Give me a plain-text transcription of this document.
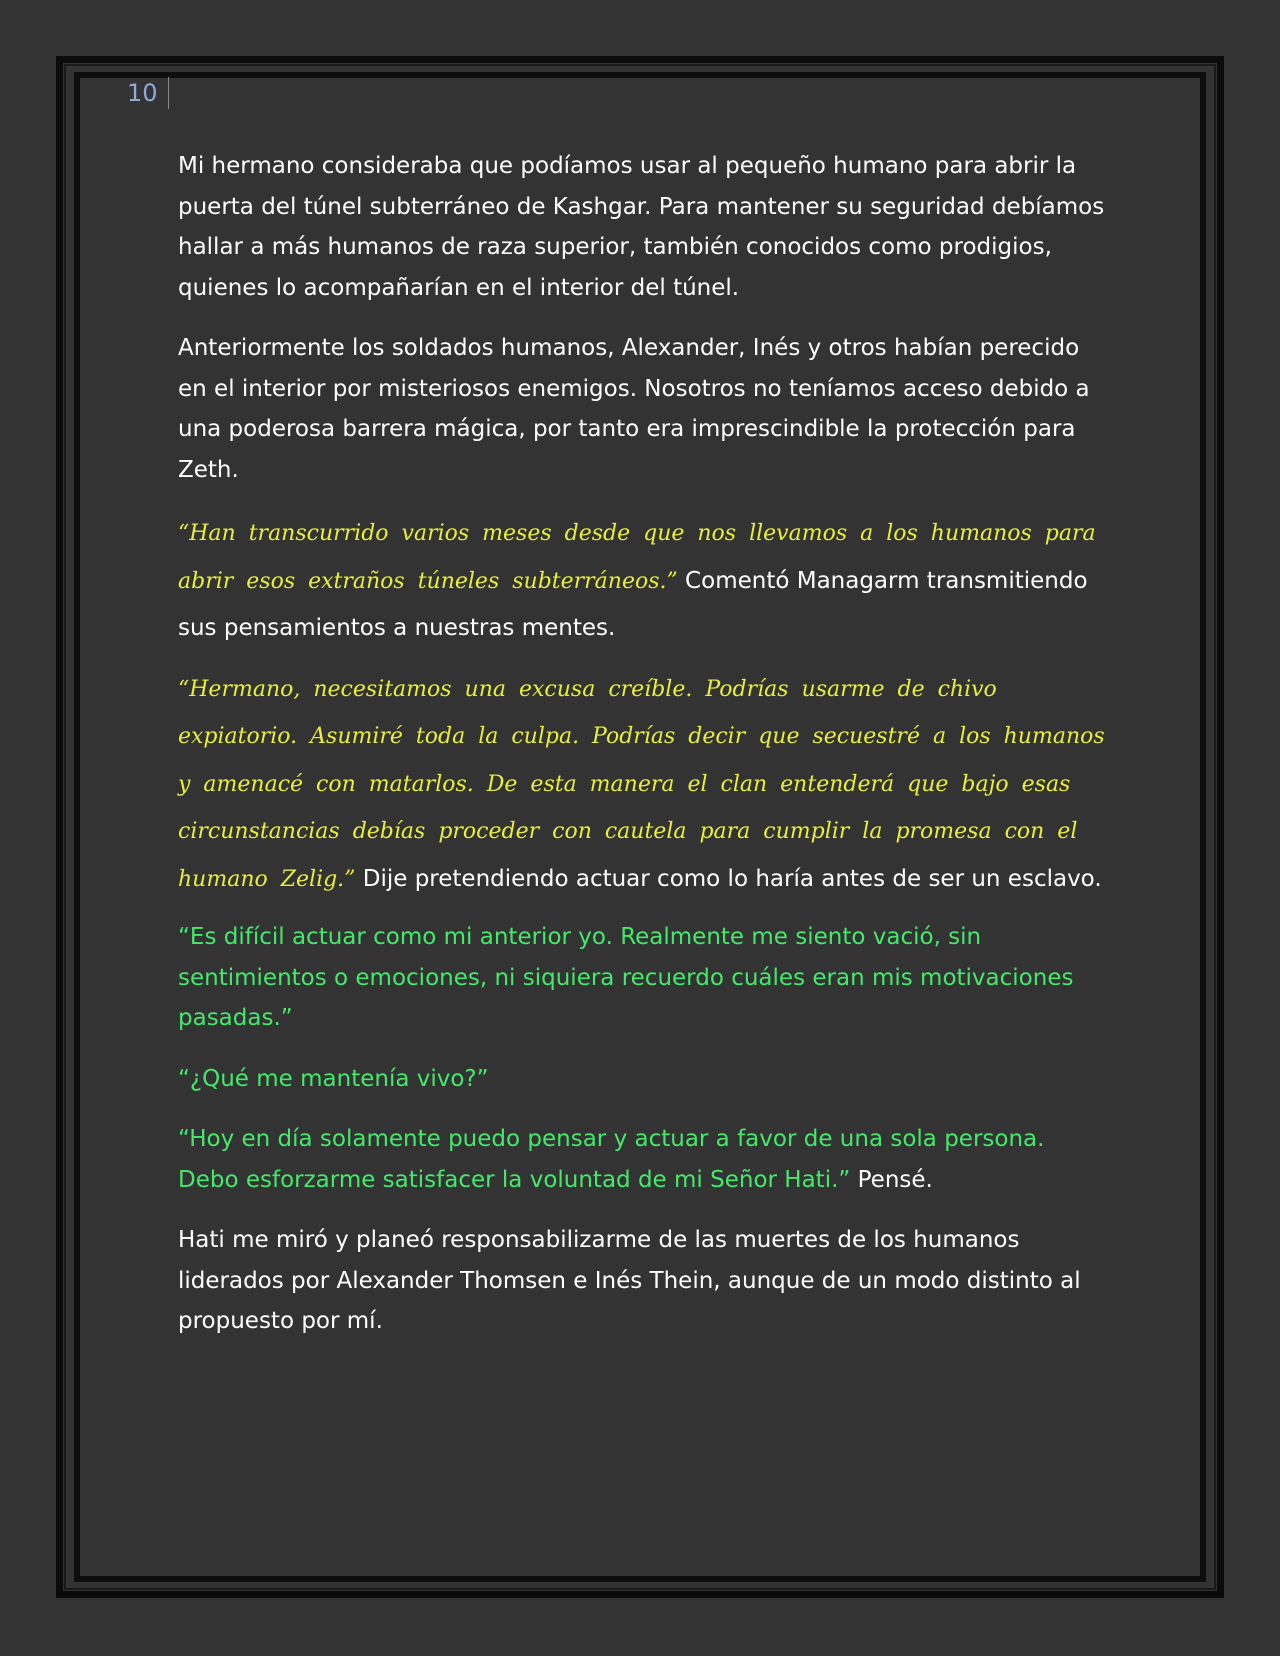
10

Mi hermano consideraba que podíamos usar al pequeño humano para abrir la puerta del túnel subterráneo de Kashgar. Para mantener su seguridad debíamos hallar a más humanos de raza superior, también conocidos como prodigios, quienes lo acompañarían en el interior del túnel.

Anteriormente los soldados humanos, Alexander, Inés y otros habían perecido en el interior por misteriosos enemigos. Nosotros no teníamos acceso debido a una poderosa barrera mágica, por tanto era imprescindible la protección para Zeth.

“Han transcurrido varios meses desde que nos llevamos a los humanos para abrir esos extraños túneles subterráneos.” Comentó Managarm transmitiendo sus pensamientos a nuestras mentes.

“Hermano, necesitamos una excusa creíble. Podrías usarme de chivo expiatorio. Asumiré toda la culpa. Podrías decir que secuestré a los humanos y amenacé con matarlos. De esta manera el clan entenderá que bajo esas circunstancias debías proceder con cautela para cumplir la promesa con el humano Zelig.” Dije pretendiendo actuar como lo haría antes de ser un esclavo.

“Es difícil actuar como mi anterior yo. Realmente me siento vació, sin sentimientos o emociones, ni siquiera recuerdo cuáles eran mis motivaciones pasadas.”

“¿Qué me mantenía vivo?”

“Hoy en día solamente puedo pensar y actuar a favor de una sola persona. Debo esforzarme satisfacer la voluntad de mi Señor Hati.” Pensé.

Hati me miró y planeó responsabilizarme de las muertes de los humanos liderados por Alexander Thomsen e Inés Thein, aunque de un modo distinto al propuesto por mí.
